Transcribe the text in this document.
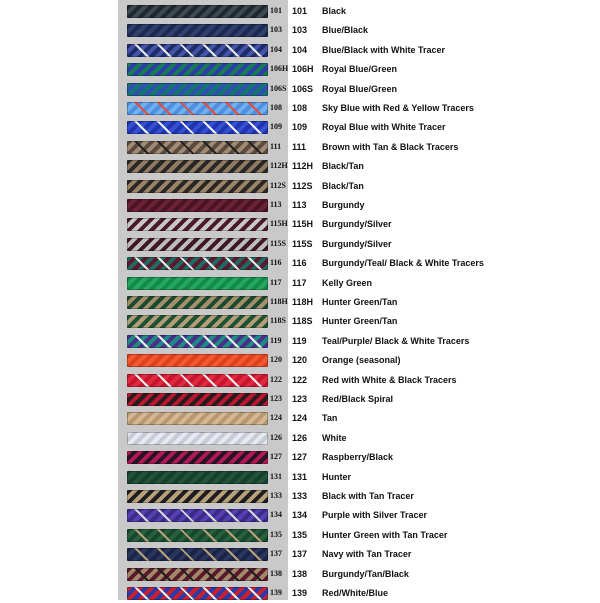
101
103
104
106H
106S
108
109
111
112H
112S
113
115H
115S
116
117
118H
118S
119
120
122
123
124
126
127
131
133
134
135
137
138
139
101 Black
103 Blue/Black
104 Blue/Black with White Tracer
106H Royal Blue/Green
106S Royal Blue/Green
108 Sky Blue with Red & Yellow Tracers
109 Royal Blue with White Tracer
111 Brown with Tan & Black Tracers
112H Black/Tan
112S Black/Tan
113 Burgundy
115H Burgundy/Silver
115S Burgundy/Silver
116 Burgundy/Teal/ Black & White Tracers
117 Kelly Green
118H Hunter Green/Tan
118S Hunter Green/Tan
119 Teal/Purple/ Black & White Tracers
120 Orange (seasonal)
122 Red with White & Black Tracers
123 Red/Black Spiral
124 Tan
126 White
127 Raspberry/Black
131 Hunter
133 Black with Tan Tracer
134 Purple with Silver Tracer
135 Hunter Green with Tan Tracer
137 Navy with Tan Tracer
138 Burgundy/Tan/Black
139 Red/White/Blue
